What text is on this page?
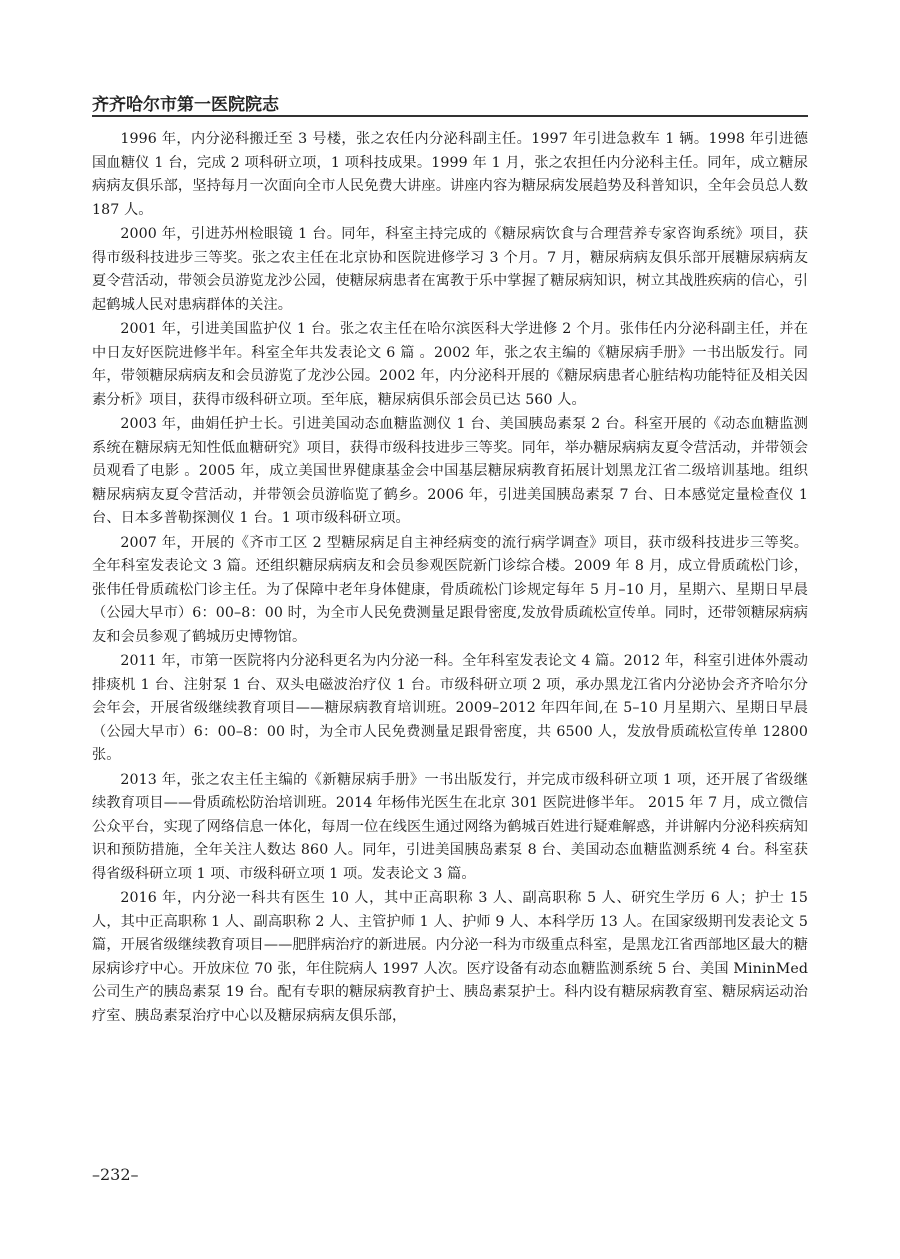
齐齐哈尔市第一医院院志

1996 年，内分泌科搬迁至 3 号楼，张之农任内分泌科副主任。1997 年引进急救车 1 辆。1998 年引进德国血糖仪 1 台，完成 2 项科研立项，1 项科技成果。1999 年 1 月，张之农担任内分泌科主任。同年，成立糖尿病病友俱乐部，坚持每月一次面向全市人民免费大讲座。讲座内容为糖尿病发展趋势及科普知识，全年会员总人数 187 人。

2000 年，引进苏州检眼镜 1 台。同年，科室主持完成的《糖尿病饮食与合理营养专家咨询系统》项目，获得市级科技进步三等奖。张之农主任在北京协和医院进修学习 3 个月。7 月，糖尿病病友俱乐部开展糖尿病病友夏令营活动，带领会员游览龙沙公园，使糖尿病患者在寓教于乐中掌握了糖尿病知识，树立其战胜疾病的信心，引起鹤城人民对患病群体的关注。

2001 年，引进美国监护仪 1 台。张之农主任在哈尔滨医科大学进修 2 个月。张伟任内分泌科副主任，并在中日友好医院进修半年。科室全年共发表论文 6 篇 。2002 年，张之农主编的《糖尿病手册》一书出版发行。同年，带领糖尿病病友和会员游览了龙沙公园。2002 年，内分泌科开展的《糖尿病患者心脏结构功能特征及相关因素分析》项目，获得市级科研立项。至年底，糖尿病俱乐部会员已达 560 人。

2003 年，曲娟任护士长。引进美国动态血糖监测仪 1 台、美国胰岛素泵 2 台。科室开展的《动态血糖监测系统在糖尿病无知性低血糖研究》项目，获得市级科技进步三等奖。同年，举办糖尿病病友夏令营活动，并带领会员观看了电影 。2005 年，成立美国世界健康基金会中国基层糖尿病教育拓展计划黑龙江省二级培训基地。组织糖尿病病友夏令营活动，并带领会员游临览了鹤乡。2006 年，引进美国胰岛素泵 7 台、日本感觉定量检查仪 1 台、日本多普勒探测仪 1 台。1 项市级科研立项。

2007 年，开展的《齐市工区 2 型糖尿病足自主神经病变的流行病学调查》项目，获市级科技进步三等奖。全年科室发表论文 3 篇。还组织糖尿病病友和会员参观医院新门诊综合楼。2009 年 8 月，成立骨质疏松门诊，张伟任骨质疏松门诊主任。为了保障中老年身体健康，骨质疏松门诊规定每年 5 月–10 月，星期六、星期日早晨（公园大早市）6：00–8：00 时，为全市人民免费测量足跟骨密度,发放骨质疏松宣传单。同时，还带领糖尿病病友和会员参观了鹤城历史博物馆。

2011 年，市第一医院将内分泌科更名为内分泌一科。全年科室发表论文 4 篇。2012 年，科室引进体外震动排痰机 1 台、注射泵 1 台、双头电磁波治疗仪 1 台。市级科研立项 2 项，承办黑龙江省内分泌协会齐齐哈尔分会年会，开展省级继续教育项目——糖尿病教育培训班。2009–2012 年四年间,在 5–10 月星期六、星期日早晨（公园大早市）6：00–8：00 时，为全市人民免费测量足跟骨密度，共 6500 人，发放骨质疏松宣传单 12800 张。

2013 年，张之农主任主编的《新糖尿病手册》一书出版发行，并完成市级科研立项 1 项，还开展了省级继续教育项目——骨质疏松防治培训班。2014 年杨伟光医生在北京 301 医院进修半年。 2015 年 7 月，成立微信公众平台，实现了网络信息一体化，每周一位在线医生通过网络为鹤城百姓进行疑难解惑，并讲解内分泌科疾病知识和预防措施，全年关注人数达 860 人。同年，引进美国胰岛素泵 8 台、美国动态血糖监测系统 4 台。科室获得省级科研立项 1 项、市级科研立项 1 项。发表论文 3 篇。

2016 年，内分泌一科共有医生 10 人，其中正高职称 3 人、副高职称 5 人、研究生学历 6 人；护士 15 人，其中正高职称 1 人、副高职称 2 人、主管护师 1 人、护师 9 人、本科学历 13 人。在国家级期刊发表论文 5 篇，开展省级继续教育项目——肥胖病治疗的新进展。内分泌一科为市级重点科室，是黑龙江省西部地区最大的糖尿病诊疗中心。开放床位 70 张，年住院病人 1997 人次。医疗设备有动态血糖监测系统 5 台、美国 MininMed 公司生产的胰岛素泵 19 台。配有专职的糖尿病教育护士、胰岛素泵护士。科内设有糖尿病教育室、糖尿病运动治疗室、胰岛素泵治疗中心以及糖尿病病友俱乐部，

–232–
